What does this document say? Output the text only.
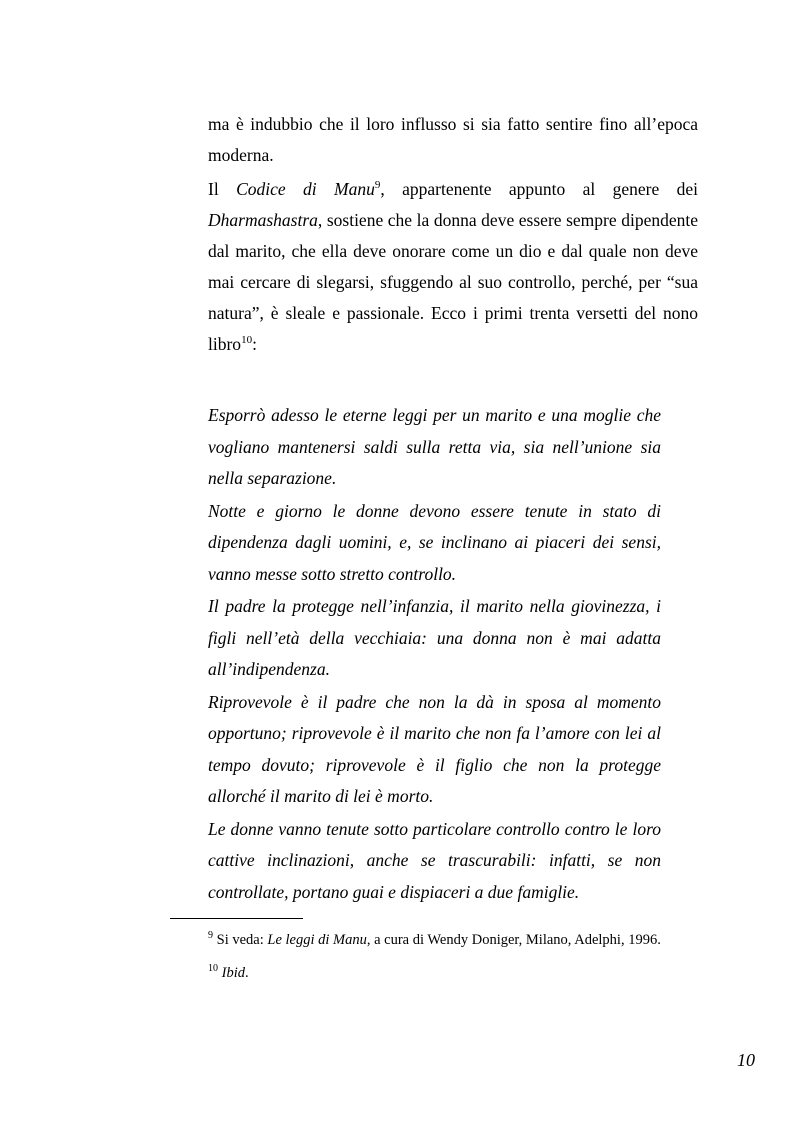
ma è indubbio che il loro influsso si sia fatto sentire fino all’epoca moderna.

Il Codice di Manu$^9$, appartenente appunto al genere dei Dharmashastra, sostiene che la donna deve essere sempre dipendente dal marito, che ella deve onorare come un dio e dal quale non deve mai cercare di slegarsi, sfuggendo al suo controllo, perché, per “sua natura”, è sleale e passionale. Ecco i primi trenta versetti del nono libro$^{10}$:

Esporrò adesso le eterne leggi per un marito e una moglie che vogliano mantenersi saldi sulla retta via, sia nell’unione sia nella separazione.

Notte e giorno le donne devono essere tenute in stato di dipendenza dagli uomini, e, se inclinano ai piaceri dei sensi, vanno messe sotto stretto controllo.

Il padre la protegge nell’infanzia, il marito nella giovinezza, i figli nell’età della vecchiaia: una donna non è mai adatta all’indipendenza.

Riprovevole è il padre che non la dà in sposa al momento opportuno; riprovevole è il marito che non fa l’amore con lei al tempo dovuto; riprovevole è il figlio che non la protegge allorché il marito di lei è morto.

Le donne vanno tenute sotto particolare controllo contro le loro cattive inclinazioni, anche se trascurabili: infatti, se non controllate, portano guai e dispiaceri a due famiglie.

$^9$ Si veda: Le leggi di Manu, a cura di Wendy Doniger, Milano, Adelphi, 1996.

$^{10}$ Ibid.

10
